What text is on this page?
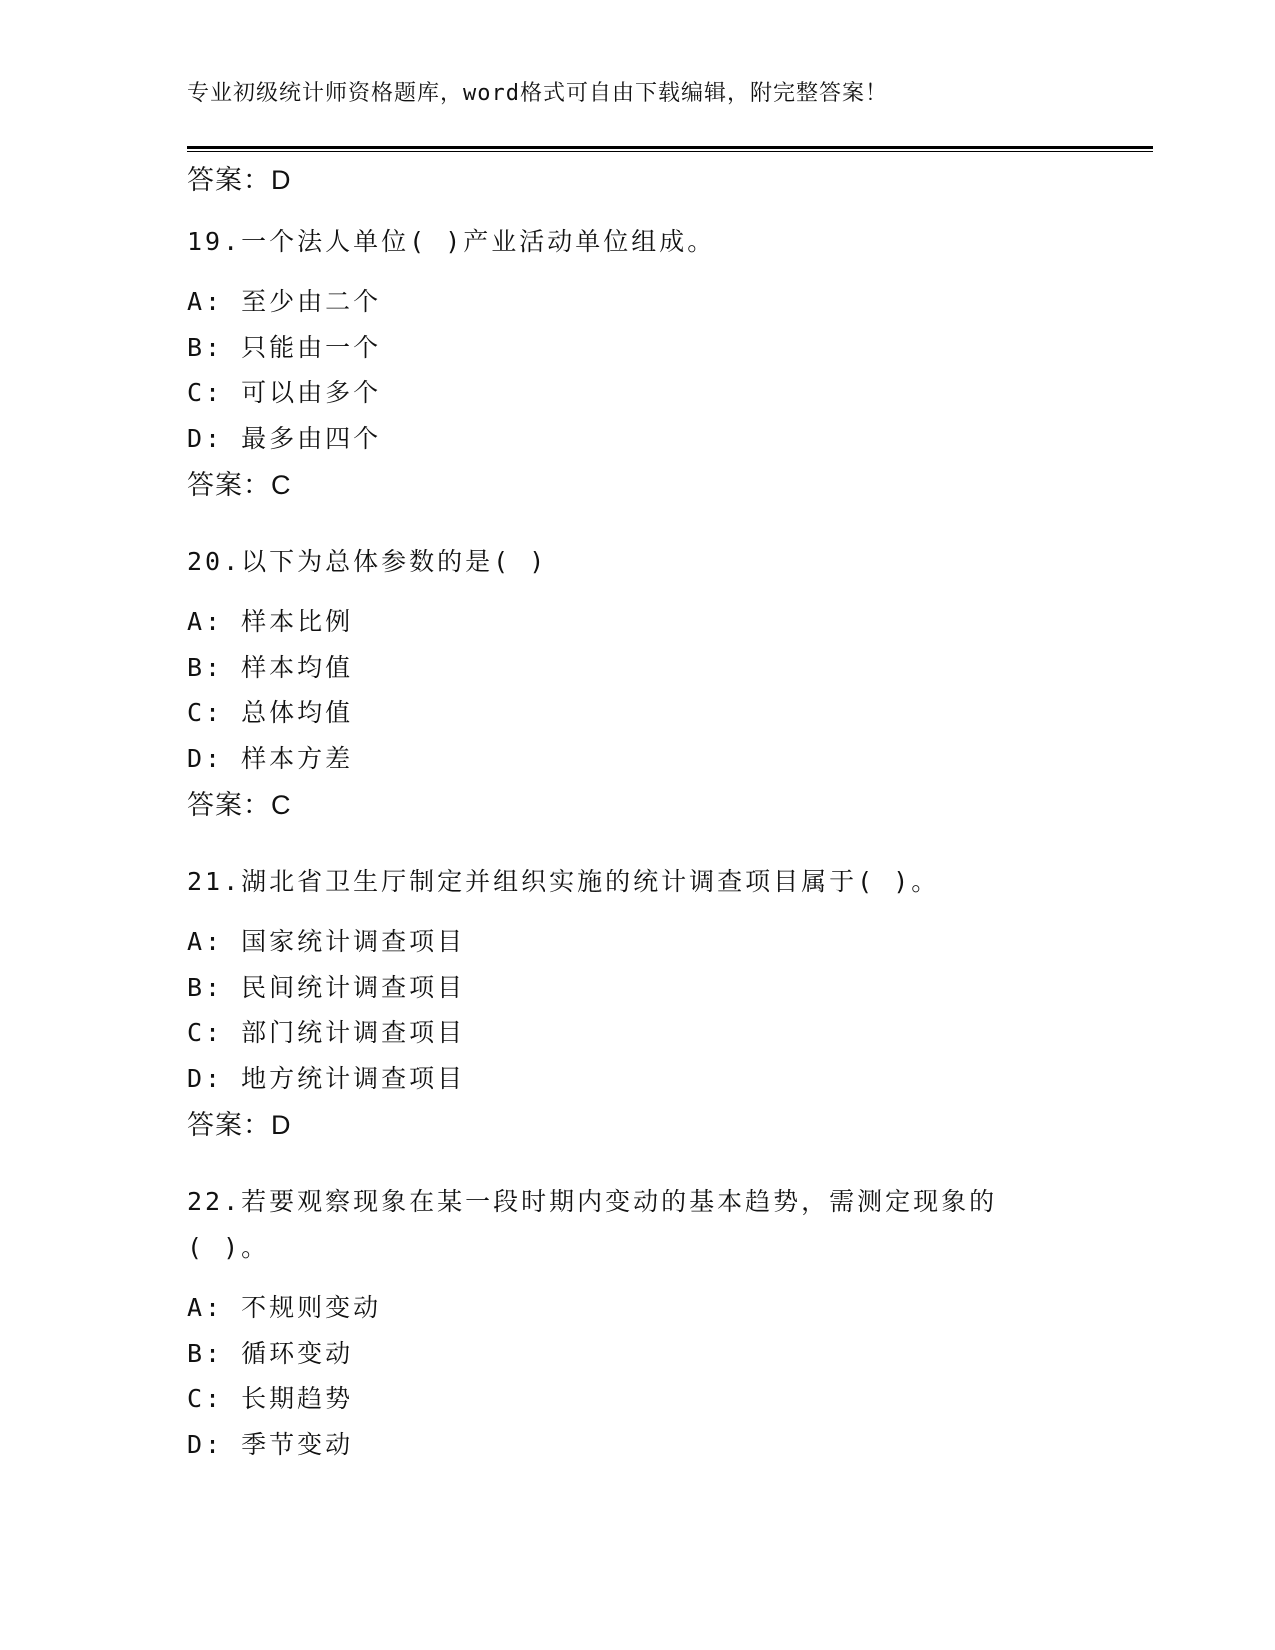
专业初级统计师资格题库，word格式可自由下载编辑，附完整答案！
答案：D
19.一个法人单位( )产业活动单位组成。
A: 至少由二个
B: 只能由一个
C: 可以由多个
D: 最多由四个
答案：C
20.以下为总体参数的是( )
A: 样本比例
B: 样本均值
C: 总体均值
D: 样本方差
答案：C
21.湖北省卫生厅制定并组织实施的统计调查项目属于( )。
A: 国家统计调查项目
B: 民间统计调查项目
C: 部门统计调查项目
D: 地方统计调查项目
答案：D
22.若要观察现象在某一段时期内变动的基本趋势，需测定现象的
( )。
A: 不规则变动
B: 循环变动
C: 长期趋势
D: 季节变动
